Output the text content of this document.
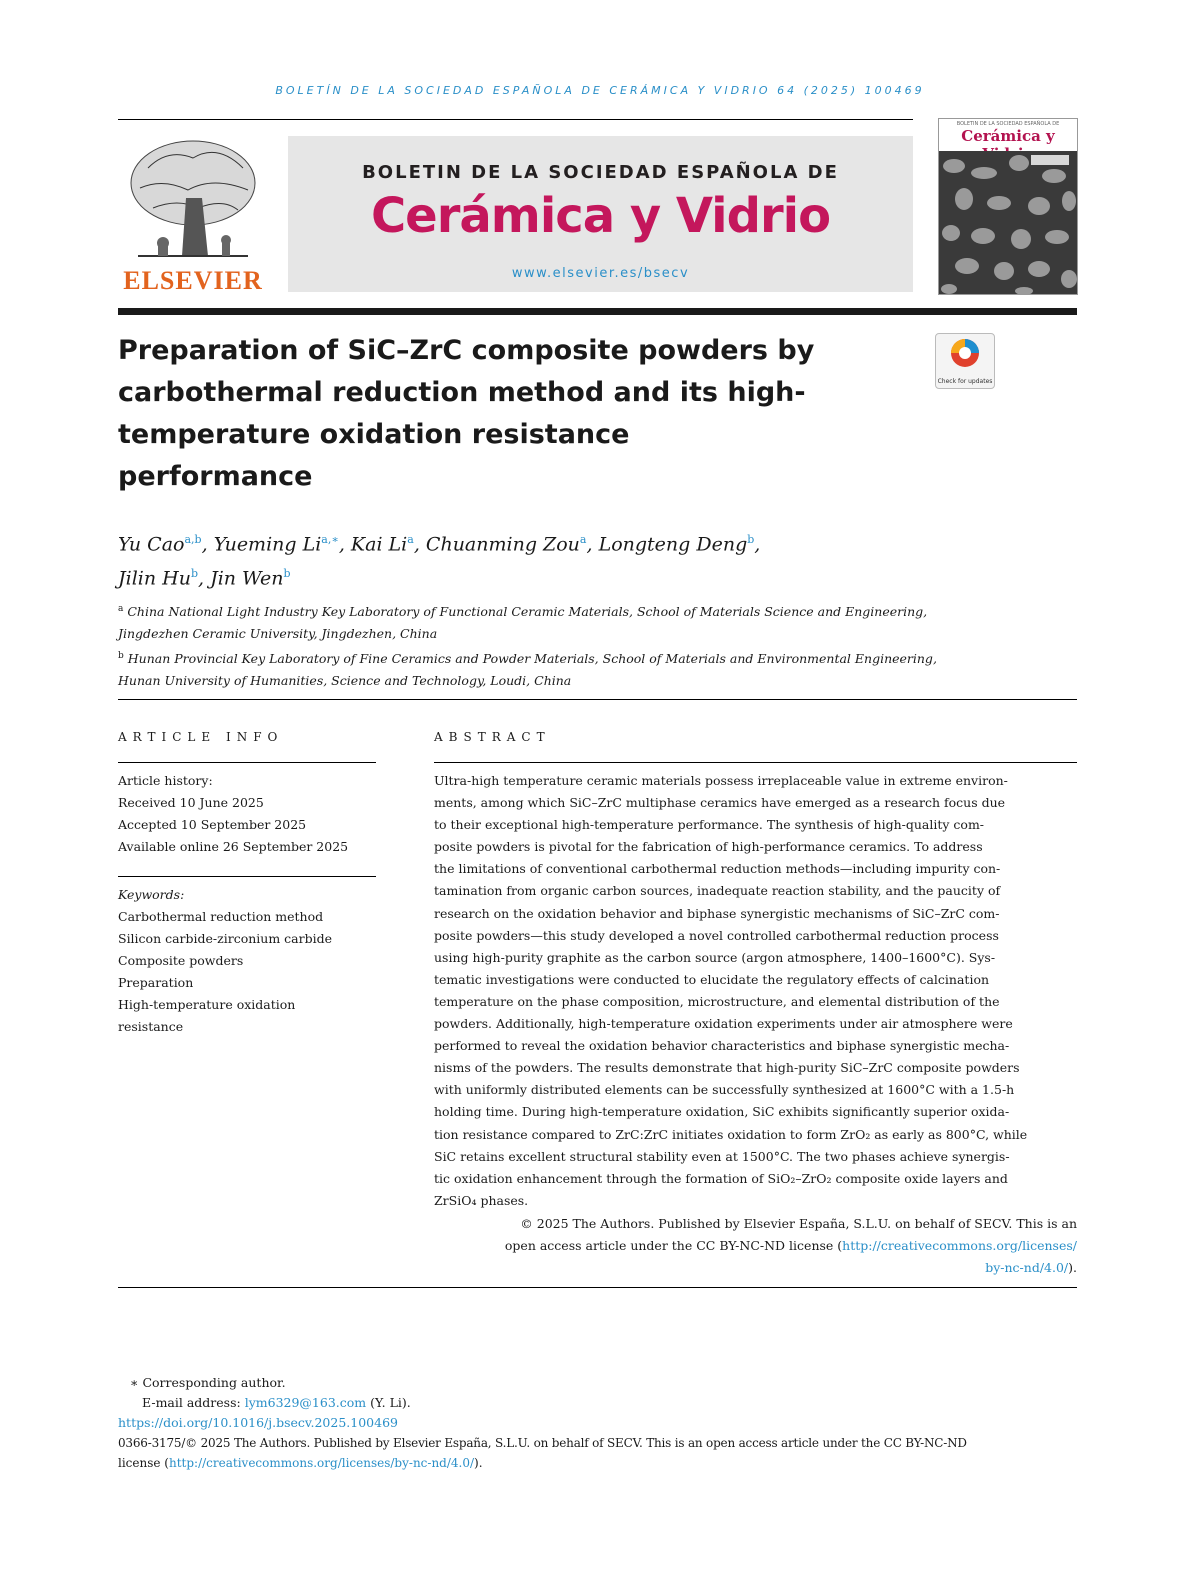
BOLETÍN DE LA SOCIEDAD ESPAÑOLA DE CERÁMICA Y VIDRIO 64 (2025) 100469
ELSEVIER
BOLETIN DE LA SOCIEDAD ESPAÑOLA DE
Cerámica y Vidrio
www.elsevier.es/bsecv
BOLETIN DE LA SOCIEDAD ESPAÑOLA DE
Cerámica y
Preparation of SiC–ZrC composite powders by carbothermal reduction method and its high-temperature oxidation resistance performance
Check for updates
Yu Cao$^{a,b}$, Yueming $Li^{a,∗}$, Kai Li$^a$, Chuanming Zou$^a$, Longteng Deng$^b$,
Jilin Hu$^b$, Jin Wen$^b$
$^a$ China National Light Industry Key Laboratory of Functional Ceramic Materials, School of Materials Science and Engineering,
Jingdezhen Ceramic University, Jingdezhen, China
$^b$ Hunan Provincial Key Laboratory of Fine Ceramics and Powder Materials, School of Materials and Environmental Engineering,
Hunan University of Humanities, Science and Technology, Loudi, China
ARTICLE INFO
Article history:
Received 10 June 2025
Accepted 10 September 2025
Available online 26 September 2025
Keywords:
Carbothermal reduction method
Silicon carbide-zirconium carbide
Composite powders
Preparation
High-temperature oxidation
resistance
ABSTRACT
Ultra-high temperature ceramic materials possess irreplaceable value in extreme environ-
ments, among which SiC–ZrC multiphase ceramics have emerged as a research focus due
to their exceptional high-temperature performance. The synthesis of high-quality com-
posite powders is pivotal for the fabrication of high-performance ceramics. To address
the limitations of conventional carbothermal reduction methods—including impurity con-
tamination from organic carbon sources, inadequate reaction stability, and the paucity of
research on the oxidation behavior and biphase synergistic mechanisms of SiC–ZrC com-
posite powders—this study developed a novel controlled carbothermal reduction process
using high-purity graphite as the carbon source (argon atmosphere, 1400–1600°C). Sys-
tematic investigations were conducted to elucidate the regulatory effects of calcination
temperature on the phase composition, microstructure, and elemental distribution of the
powders. Additionally, high-temperature oxidation experiments under air atmosphere were
performed to reveal the oxidation behavior characteristics and biphase synergistic mecha-
nisms of the powders. The results demonstrate that high-purity SiC–ZrC composite powders
with uniformly distributed elements can be successfully synthesized at 1600°C with a 1.5-h
holding time. During high-temperature oxidation, SiC exhibits significantly superior oxida-
tion resistance compared to ZrC:ZrC initiates oxidation to form ZrO₂ as early as 800°C, while
SiC retains excellent structural stability even at 1500°C. The two phases achieve synergis-
tic oxidation enhancement through the formation of SiO₂–ZrO₂ composite oxide layers and
ZrSiO₄ phases.
© 2025 The Authors. Published by Elsevier España, S.L.U. on behalf of SECV. This is an
open access article under the CC BY-NC-ND license (http://creativecommons.org/licenses/
by-nc-nd/4.0/).
∗ Corresponding author.
E-mail address: lym6329@163.com (Y. Li).
https://doi.org/10.1016/j.bsecv.2025.100469
0366-3175/© 2025 The Authors. Published by Elsevier España, S.L.U. on behalf of SECV. This is an open access article under the CC BY-NC-ND
license (http://creativecommons.org/licenses/by-nc-nd/4.0/).
